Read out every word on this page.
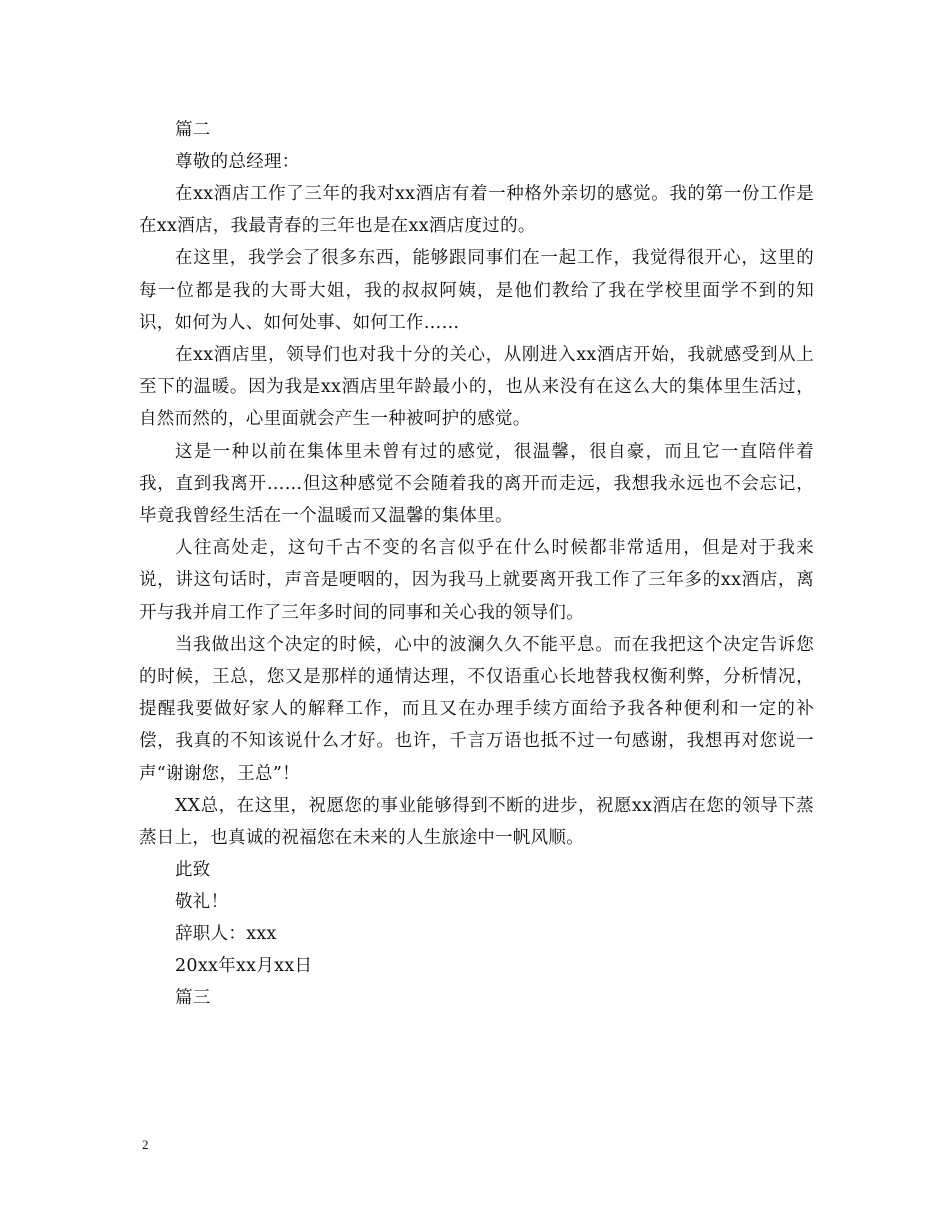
篇二
尊敬的总经理：
在xx酒店工作了三年的我对xx酒店有着一种格外亲切的感觉。我的第一份工作是在xx酒店，我最青春的三年也是在xx酒店度过的。
在这里，我学会了很多东西，能够跟同事们在一起工作，我觉得很开心，这里的每一位都是我的大哥大姐，我的叔叔阿姨，是他们教给了我在学校里面学不到的知识，如何为人、如何处事、如何工作……
在xx酒店里，领导们也对我十分的关心，从刚进入xx酒店开始，我就感受到从上至下的温暖。因为我是xx酒店里年龄最小的，也从来没有在这么大的集体里生活过，自然而然的，心里面就会产生一种被呵护的感觉。
这是一种以前在集体里未曾有过的感觉，很温馨，很自豪，而且它一直陪伴着我，直到我离开……但这种感觉不会随着我的离开而走远，我想我永远也不会忘记，毕竟我曾经生活在一个温暖而又温馨的集体里。
人往高处走，这句千古不变的名言似乎在什么时候都非常适用，但是对于我来说，讲这句话时，声音是哽咽的，因为我马上就要离开我工作了三年多的xx酒店，离开与我并肩工作了三年多时间的同事和关心我的领导们。
当我做出这个决定的时候，心中的波澜久久不能平息。而在我把这个决定告诉您的时候，王总，您又是那样的通情达理，不仅语重心长地替我权衡利弊，分析情况，提醒我要做好家人的解释工作，而且又在办理手续方面给予我各种便利和一定的补偿，我真的不知该说什么才好。也许，千言万语也抵不过一句感谢，我想再对您说一声“谢谢您，王总”！
XX总，在这里，祝愿您的事业能够得到不断的进步，祝愿xx酒店在您的领导下蒸蒸日上，也真诚的祝福您在未来的人生旅途中一帆风顺。
此致
敬礼！
辞职人：xxx
20xx年xx月xx日
篇三
2
